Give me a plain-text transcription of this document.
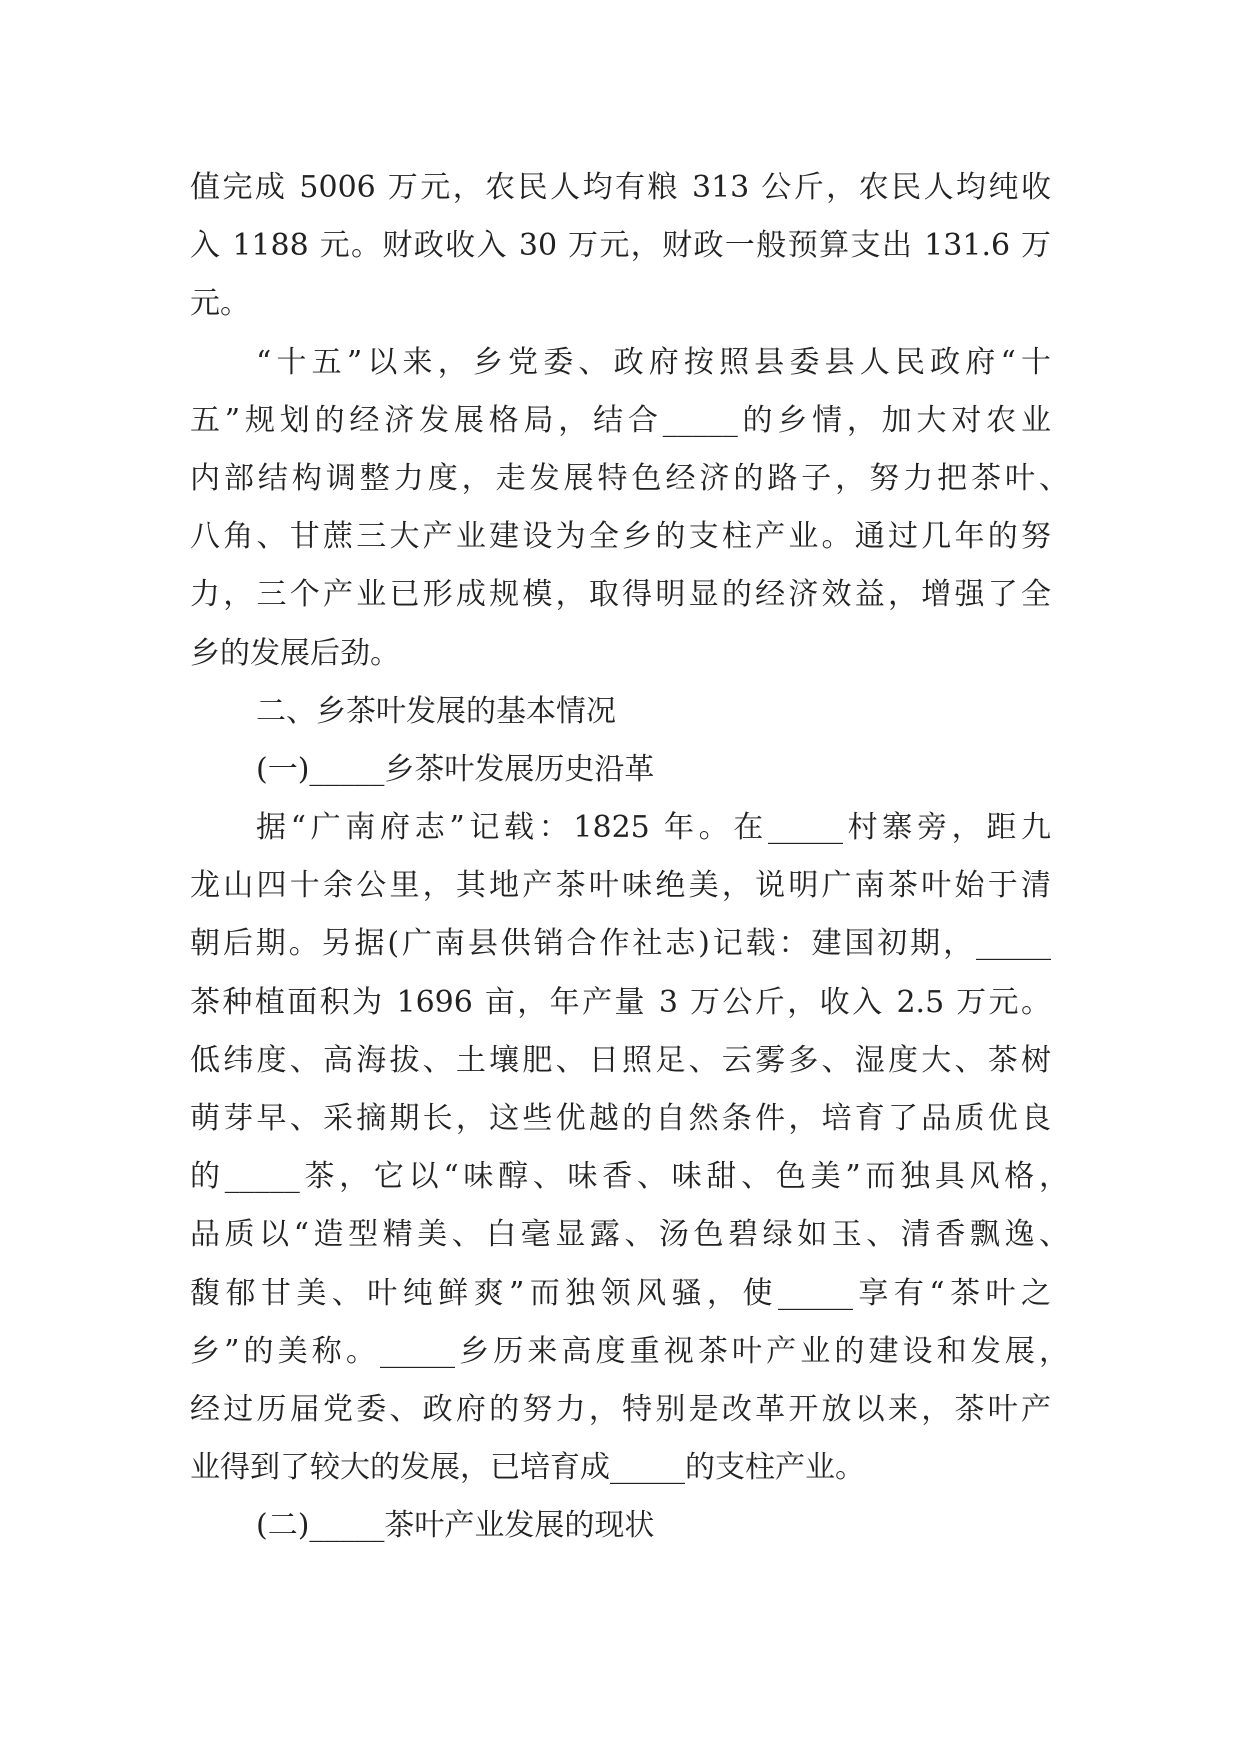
值完成 5006 万元，农民人均有粮 313 公斤，农民人均纯收
入 1188 元。财政收入 30 万元，财政一般预算支出 131.6 万
元。
“十五”以来，乡党委、政府按照县委县人民政府“十
五”规划的经济发展格局，结合_____的乡情，加大对农业
内部结构调整力度，走发展特色经济的路子，努力把茶叶、
八角、甘蔗三大产业建设为全乡的支柱产业。通过几年的努
力，三个产业已形成规模，取得明显的经济效益，增强了全
乡的发展后劲。
二、乡茶叶发展的基本情况
(一)_____乡茶叶发展历史沿革
据“广南府志”记载：1825 年。在_____村寨旁，距九
龙山四十余公里，其地产茶叶味绝美，说明广南茶叶始于清
朝后期。另据(广南县供销合作社志)记载：建国初期，_____
茶种植面积为 1696 亩，年产量 3 万公斤，收入 2.5 万元。
低纬度、高海拔、土壤肥、日照足、云雾多、湿度大、茶树
萌芽早、采摘期长，这些优越的自然条件，培育了品质优良
的_____茶，它以“味醇、味香、味甜、色美”而独具风格，
品质以“造型精美、白毫显露、汤色碧绿如玉、清香飘逸、
馥郁甘美、叶纯鲜爽”而独领风骚，使_____享有“茶叶之
乡”的美称。_____乡历来高度重视茶叶产业的建设和发展，
经过历届党委、政府的努力，特别是改革开放以来，茶叶产
业得到了较大的发展，已培育成_____的支柱产业。
(二)_____茶叶产业发展的现状
